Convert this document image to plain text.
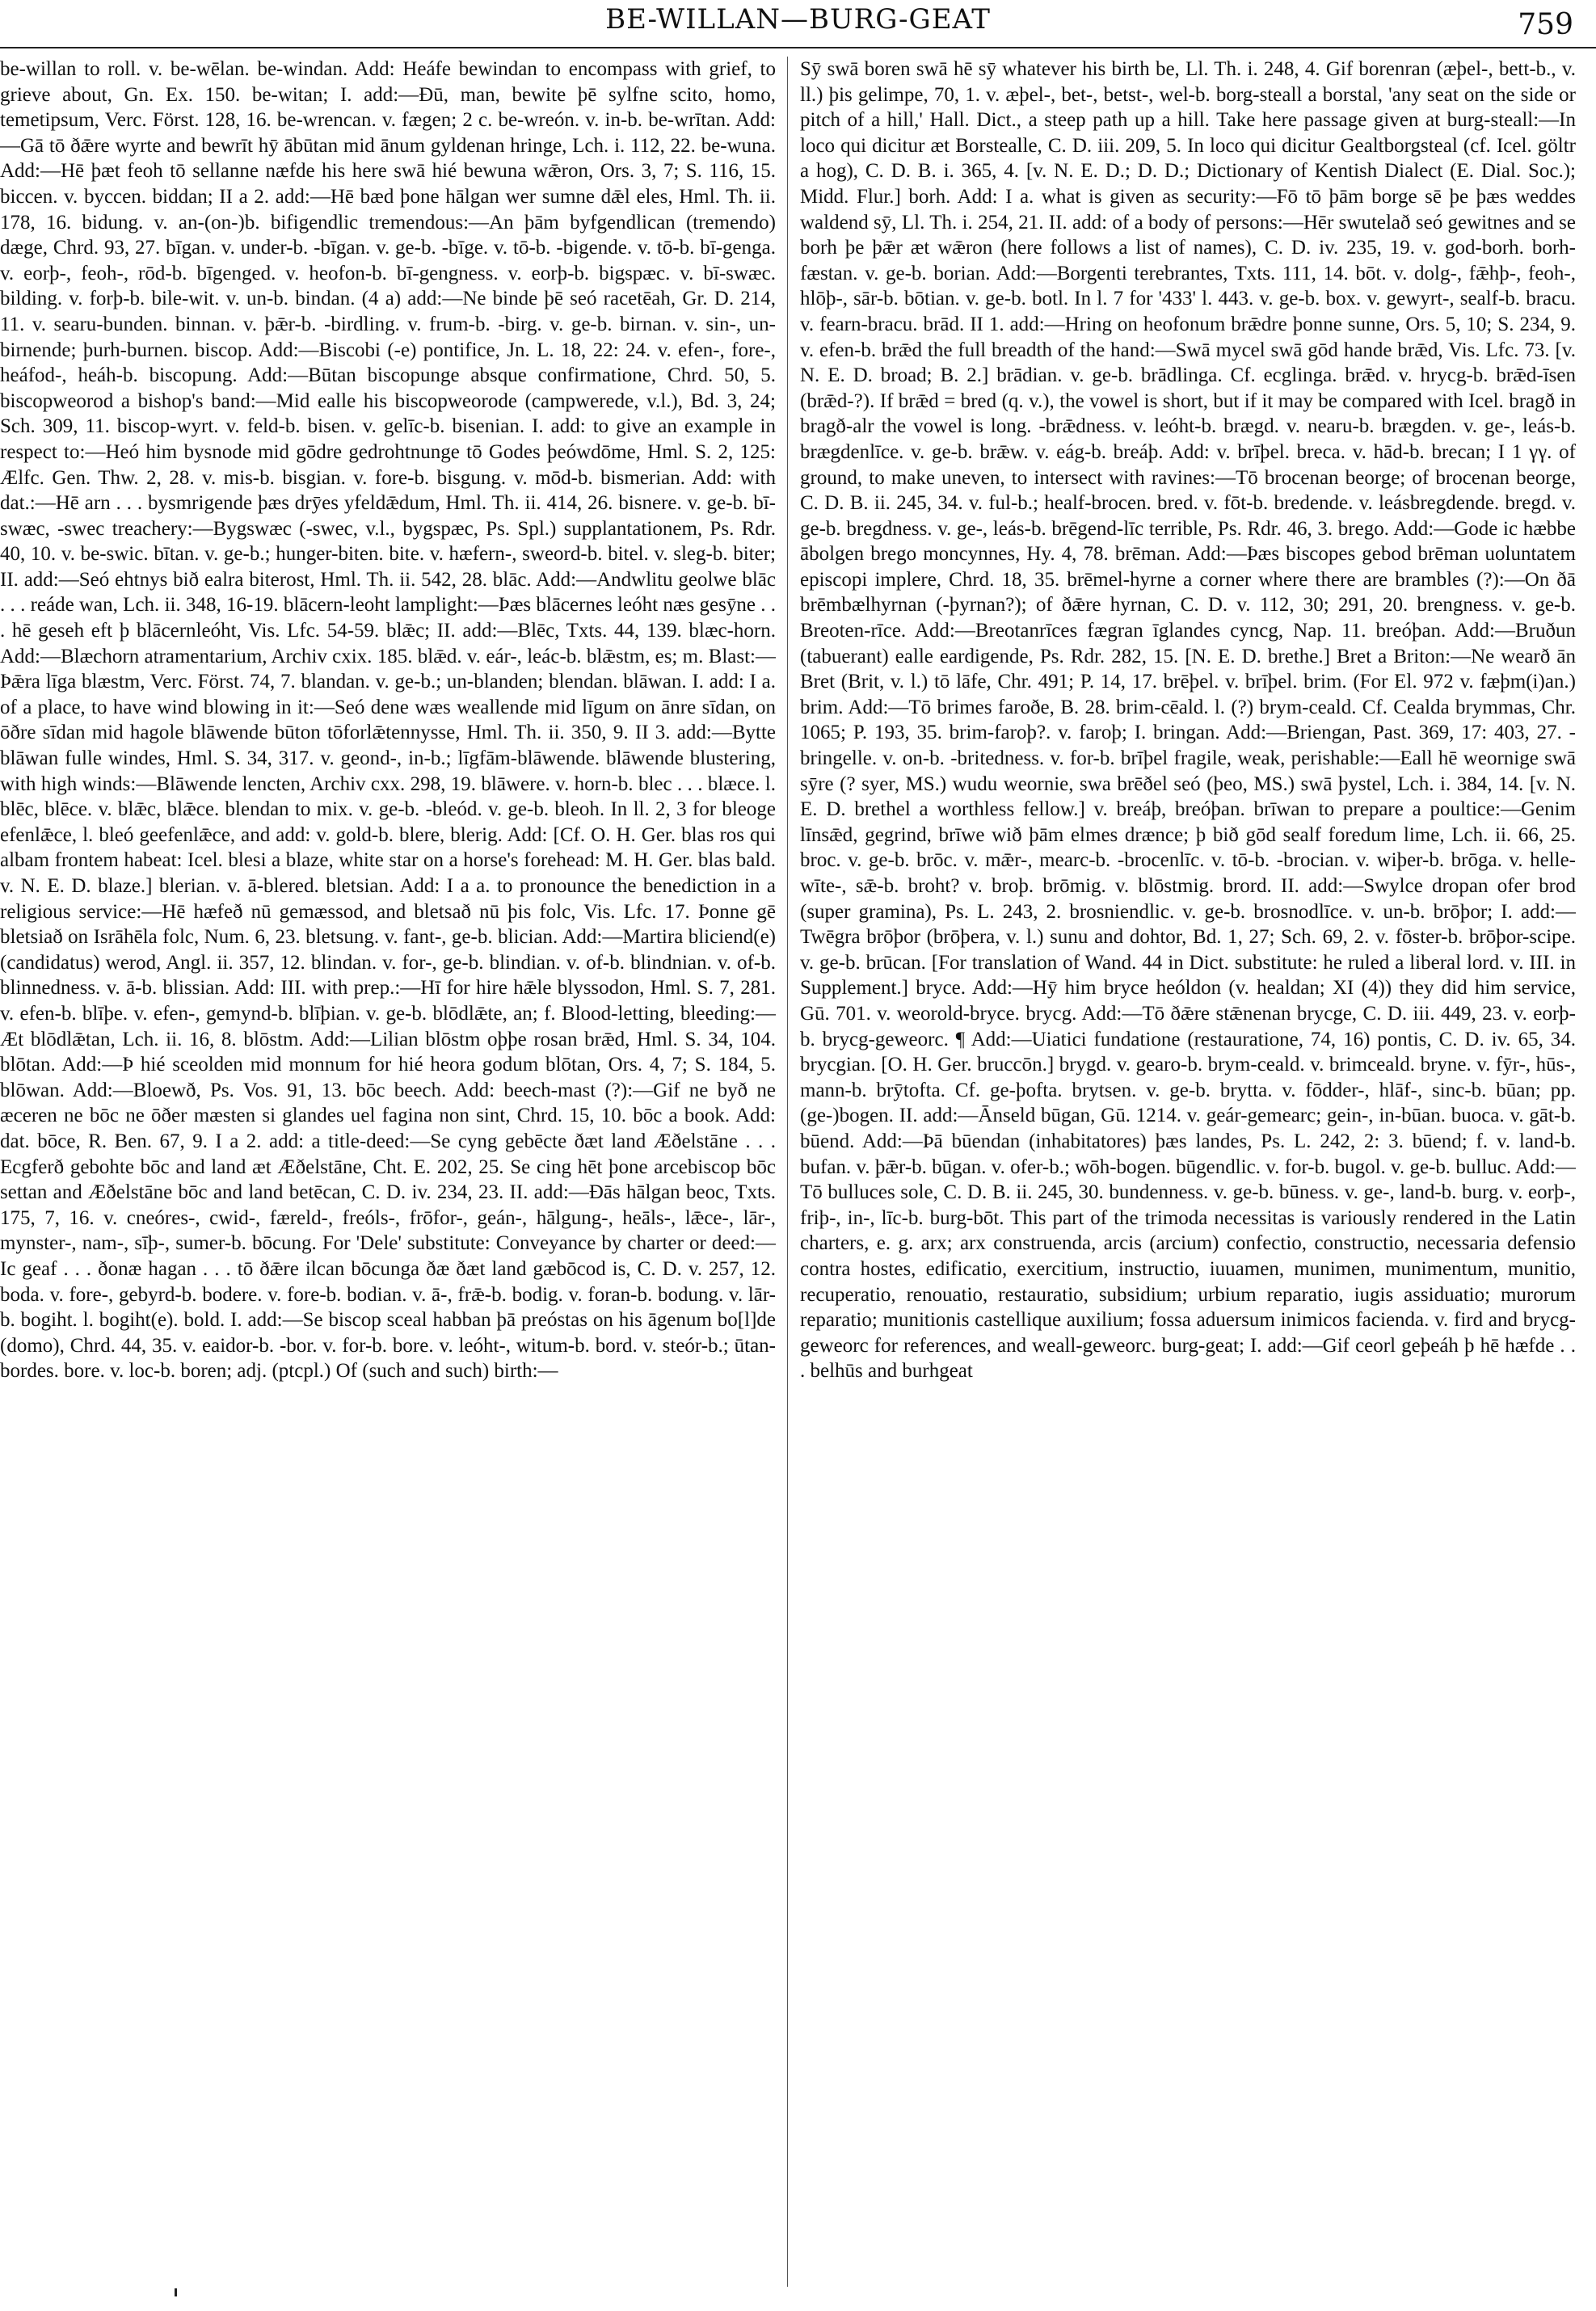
BE-WILLAN—BURG-GEAT	759

be-willan to roll. v. be-wēlan. be-windan. Add: Heáfe bewindan to encompass with grief, to grieve about, Gn. Ex. 150. be-witan; I. add:—Ðū, man, bewite þē sylfne scito, homo, temetipsum, Verc. Först. 128, 16. be-wrencan. v. fægen; 2 c. be-wreón. v. in-b. be-wrītan. Add:—Gā tō ðǣre wyrte and bewrīt hȳ ābūtan mid ānum gyldenan hringe, Lch. i. 112, 22. be-wuna. Add:—Hē þæt feoh tō sellanne næfde his here swā hié bewuna wǣron, Ors. 3, 7; S. 116, 15. biccen. v. byccen. biddan; II a 2. add:—Hē bæd þone hālgan wer sumne dǣl eles, Hml. Th. ii. 178, 16. bidung. v. an-(on-)b. bifigendlic tremendous:—An þām byfgendlican (tremendo) dæge, Chrd. 93, 27. bīgan. v. under-b. -bīgan. v. ge-b. -bīge. v. tō-b. -bigende. v. tō-b. bī-genga. v. eorþ-, feoh-, rōd-b. bīgenged. v. heofon-b. bī-gengness. v. eorþ-b. bigspæc. v. bī-swæc. bilding. v. forþ-b. bile-wit. v. un-b. bindan. (4 a) add:—Ne binde þē seó racetēah, Gr. D. 214, 11. v. searu-bunden. binnan. v. þǣr-b. -birdling. v. frum-b. -birg. v. ge-b. birnan. v. sin-, un-birnende; þurh-burnen. biscop. Add:—Biscobi (-e) pontifice, Jn. L. 18, 22: 24. v. efen-, fore-, heáfod-, heáh-b. biscopung. Add:—Būtan biscopunge absque confirmatione, Chrd. 50, 5. biscopweorod a bishop's band:—Mid ealle his biscopweorode (campwerede, v.l.), Bd. 3, 24; Sch. 309, 11. biscop-wyrt. v. feld-b. bisen. v. gelīc-b. bisenian. I. add: to give an example in respect to:—Heó him bysnode mid gōdre gedrohtnunge tō Godes þeówdōme, Hml. S. 2, 125: Ælfc. Gen. Thw. 2, 28. v. mis-b. bisgian. v. fore-b. bisgung. v. mōd-b. bismerian. Add: with dat.:—Hē arn . . . bysmrigende þæs drȳes yfeldǣdum, Hml. Th. ii. 414, 26. bisnere. v. ge-b. bī-swæc, -swec treachery:—Bygswæc (-swec, v.l., bygspæc, Ps. Spl.) supplantationem, Ps. Rdr. 40, 10. v. be-swic. bītan. v. ge-b.; hunger-biten. bite. v. hæfern-, sweord-b. bitel. v. sleg-b. biter; II. add:—Seó ehtnys bið ealra biterost, Hml. Th. ii. 542, 28. blāc. Add:—Andwlitu geolwe blāc . . . reáde wan, Lch. ii. 348, 16-19. blācern-leoht lamplight:—Þæs blācernes leóht næs gesȳne . . . hē geseh eft þ blācernleóht, Vis. Lfc. 54-59. blǣc; II. add:—Blēc, Txts. 44, 139. blæc-horn. Add:—Blæchorn atramentarium, Archiv cxix. 185. blǣd. v. eár-, leác-b. blǣstm, es; m. Blast:—Þǣra līga blæstm, Verc. Först. 74, 7. blandan. v. ge-b.; un-blanden; blendan. blāwan. I. add: I a. of a place, to have wind blowing in it:—Seó dene wæs weallende mid līgum on ānre sīdan, on ōðre sīdan mid hagole blāwende būton tōforlǣtennysse, Hml. Th. ii. 350, 9. II 3. add:—Bytte blāwan fulle windes, Hml. S. 34, 317. v. geond-, in-b.; līgfām-blāwende. blāwende blustering, with high winds:—Blāwende lencten, Archiv cxx. 298, 19. blāwere. v. horn-b. blec . . . blæce. l. blēc, blēce. v. blǣc, blǣce. blendan to mix. v. ge-b. -bleód. v. ge-b. bleoh. In ll. 2, 3 for bleoge efenlǣce, l. bleó geefenlǣce, and add: v. gold-b. blere, blerig. Add: [Cf. O. H. Ger. blas ros qui albam frontem habeat: Icel. blesi a blaze, white star on a horse's forehead: M. H. Ger. blas bald. v. N. E. D. blaze.] blerian. v. ā-blered. bletsian. Add: I a a. to pronounce the benediction in a religious service:—Hē hæfeð nū gemæssod, and bletsað nū þis folc, Vis. Lfc. 17. Þonne gē bletsiað on Isrāhēla folc, Num. 6, 23. bletsung. v. fant-, ge-b. blician. Add:—Martira bliciend(e) (candidatus) werod, Angl. ii. 357, 12. blindan. v. for-, ge-b. blindian. v. of-b. blindnian. v. of-b. blinnedness. v. ā-b. blissian. Add: III. with prep.:—Hī for hire hǣle blyssodon, Hml. S. 7, 281. v. efen-b. blīþe. v. efen-, gemynd-b. blīþian. v. ge-b. blōdlǣte, an; f. Blood-letting, bleeding:—Æt blōdlǣtan, Lch. ii. 16, 8. blōstm. Add:—Lilian blōstm oþþe rosan brǣd, Hml. S. 34, 104. blōtan. Add:—Þ hié sceolden mid monnum for hié heora godum blōtan, Ors. 4, 7; S. 184, 5. blōwan. Add:—Bloewð, Ps. Vos. 91, 13. bōc beech. Add: beech-mast (?):—Gif ne byð ne æceren ne bōc ne ōðer mæsten si glandes uel fagina non sint, Chrd. 15, 10. bōc a book. Add: dat. bōce, R. Ben. 67, 9. I a 2. add: a title-deed:—Se cyng gebēcte ðæt land Æðelstāne . . . Ecgferð gebohte bōc and land æt Æðelstāne, Cht. E. 202, 25. Se cing hēt þone arcebiscop bōc settan and Æðelstāne bōc and land betēcan, C. D. iv. 234, 23. II. add:—Ðās hālgan beoc, Txts. 175, 7, 16. v. cneóres-, cwid-, færeld-, freóls-, frōfor-, geán-, hālgung-, heāls-, lǣce-, lār-, mynster-, nam-, sīþ-, sumer-b. bōcung. For 'Dele' substitute: Conveyance by charter or deed:—Ic geaf . . . ðonæ hagan . . . tō ðǣre ilcan bōcunga ðæ ðæt land gæbōcod is, C. D. v. 257, 12. boda. v. fore-, gebyrd-b. bodere. v. fore-b. bodian. v. ā-, frǣ-b. bodig. v. foran-b. bodung. v. lār-b. bogiht. l. bogiht(e). bold. I. add:—Se biscop sceal habban þā preóstas on his āgenum bo[l]de (domo), Chrd. 44, 35. v. eaidor-b. -bor. v. for-b. bore. v. leóht-, witum-b. bord. v. steór-b.; ūtan-bordes. bore. v. loc-b. boren; adj. (ptcpl.) Of (such and such) birth:—

Sȳ swā boren swā hē sȳ whatever his birth be, Ll. Th. i. 248, 4. Gif borenran (æþel-, bett-b., v. ll.) þis gelimpe, 70, 1. v. æþel-, bet-, betst-, wel-b. borg-steall a borstal, 'any seat on the side or pitch of a hill,' Hall. Dict., a steep path up a hill. Take here passage given at burg-steall:—In loco qui dicitur æt Borstealle, C. D. iii. 209, 5. In loco qui dicitur Gealtborgsteal (cf. Icel. göltr a hog), C. D. B. i. 365, 4. [v. N. E. D.; D. D.; Dictionary of Kentish Dialect (E. Dial. Soc.); Midd. Flur.] borh. Add: I a. what is given as security:—Fō tō þām borge sē þe þæs weddes waldend sȳ, Ll. Th. i. 254, 21. II. add: of a body of persons:—Hēr swutelað seó gewitnes and se borh þe þǣr æt wǣron (here follows a list of names), C. D. iv. 235, 19. v. god-borh. borh-fæstan. v. ge-b. borian. Add:—Borgenti terebrantes, Txts. 111, 14. bōt. v. dolg-, fǣhþ-, feoh-, hlōþ-, sār-b. bōtian. v. ge-b. botl. In l. 7 for '433' l. 443. v. ge-b. box. v. gewyrt-, sealf-b. bracu. v. fearn-bracu. brād. II 1. add:—Hring on heofonum brǣdre þonne sunne, Ors. 5, 10; S. 234, 9. v. efen-b. brǣd the full breadth of the hand:—Swā mycel swā gōd hande brǣd, Vis. Lfc. 73. [v. N. E. D. broad; B. 2.] brādian. v. ge-b. brādlinga. Cf. ecglinga. brǣd. v. hrycg-b. brǣd-īsen (brǣd-?). If brǣd = bred (q. v.), the vowel is short, but if it may be compared with Icel. bragð in bragð-alr the vowel is long. -brǣdness. v. leóht-b. brægd. v. nearu-b. brægden. v. ge-, leás-b. brægdenlīce. v. ge-b. brǣw. v. eág-b. breáþ. Add: v. brīþel. breca. v. hād-b. brecan; I 1 γγ. of ground, to make uneven, to intersect with ravines:—Tō brocenan beorge; of brocenan beorge, C. D. B. ii. 245, 34. v. ful-b.; healf-brocen. bred. v. fōt-b. bredende. v. leásbregdende. bregd. v. ge-b. bregdness. v. ge-, leás-b. brēgend-līc terrible, Ps. Rdr. 46, 3. brego. Add:—Gode ic hæbbe ābolgen brego moncynnes, Hy. 4, 78. brēman. Add:—Þæs biscopes gebod brēman uoluntatem episcopi implere, Chrd. 18, 35. brēmel-hyrne a corner where there are brambles (?):—On ðā brēmbælhyrnan (-þyrnan?); of ðǣre hyrnan, C. D. v. 112, 30; 291, 20. brengness. v. ge-b. Breoten-rīce. Add:—Breotanrīces fægran īglandes cyncg, Nap. 11. breóþan. Add:—Bruðun (tabuerant) ealle eardigende, Ps. Rdr. 282, 15. [N. E. D. brethe.] Bret a Briton:—Ne wearð ān Bret (Brit, v. l.) tō lāfe, Chr. 491; P. 14, 17. brēþel. v. brīþel. brim. (For El. 972 v. fæþm(i)an.) brim. Add:—Tō brimes faroðe, B. 28. brim-cēald. l. (?) brym-ceald. Cf. Cealda brymmas, Chr. 1065; P. 193, 35. brim-faroþ?. v. faroþ; I. bringan. Add:—Briengan, Past. 369, 17: 403, 27. -bringelle. v. on-b. -britedness. v. for-b. brīþel fragile, weak, perishable:—Eall hē weornige swā sȳre (? syer, MS.) wudu weornie, swa brēðel seó (þeo, MS.) swā þystel, Lch. i. 384, 14. [v. N. E. D. brethel a worthless fellow.] v. breáþ, breóþan. brīwan to prepare a poultice:—Genim līnsǣd, gegrind, brīwe wið þām elmes drænce; þ bið gōd sealf foredum lime, Lch. ii. 66, 25. broc. v. ge-b. brōc. v. mǣr-, mearc-b. -brocenlīc. v. tō-b. -brocian. v. wiþer-b. brōga. v. helle-wīte-, sǣ-b. broht? v. broþ. brōmig. v. blōstmig. brord. II. add:—Swylce dropan ofer brod (super gramina), Ps. L. 243, 2. brosniendlic. v. ge-b. brosnodlīce. v. un-b. brōþor; I. add:—Twēgra brōþor (brōþera, v. l.) sunu and dohtor, Bd. 1, 27; Sch. 69, 2. v. fōster-b. brōþor-scipe. v. ge-b. brūcan. [For translation of Wand. 44 in Dict. substitute: he ruled a liberal lord. v. III. in Supplement.] bryce. Add:—Hȳ him bryce heóldon (v. healdan; XI (4)) they did him service, Gū. 701. v. weorold-bryce. brycg. Add:—Tō ðǣre stǣnenan brycge, C. D. iii. 449, 23. v. eorþ-b. brycg-geweorc. ¶ Add:—Uiatici fundatione (restauratione, 74, 16) pontis, C. D. iv. 65, 34. brycgian. [O. H. Ger. bruccōn.] brygd. v. gearo-b. brym-ceald. v. brimceald. bryne. v. fȳr-, hūs-, mann-b. brȳtofta. Cf. ge-þofta. brytsen. v. ge-b. brytta. v. fōdder-, hlāf-, sinc-b. būan; pp. (ge-)bogen. II. add:—Ānseld būgan, Gū. 1214. v. geár-gemearc; gein-, in-būan. buoca. v. gāt-b. būend. Add:—Þā būendan (inhabitatores) þæs landes, Ps. L. 242, 2: 3. būend; f. v. land-b. bufan. v. þǣr-b. būgan. v. ofer-b.; wōh-bogen. būgendlic. v. for-b. bugol. v. ge-b. bulluc. Add:—Tō bulluces sole, C. D. B. ii. 245, 30. bundenness. v. ge-b. būness. v. ge-, land-b. burg. v. eorþ-, friþ-, in-, līc-b. burg-bōt. This part of the trimoda necessitas is variously rendered in the Latin charters, e. g. arx; arx construenda, arcis (arcium) confectio, constructio, necessaria defensio contra hostes, edificatio, exercitium, instructio, iuuamen, munimen, munimentum, munitio, recuperatio, renouatio, restauratio, subsidium; urbium reparatio, iugis assiduatio; murorum reparatio; munitionis castellique auxilium; fossa aduersum inimicos facienda. v. fird and brycg-geweorc for references, and weall-geweorc. burg-geat; I. add:—Gif ceorl geþeáh þ hē hæfde . . . belhūs and burhgeat
